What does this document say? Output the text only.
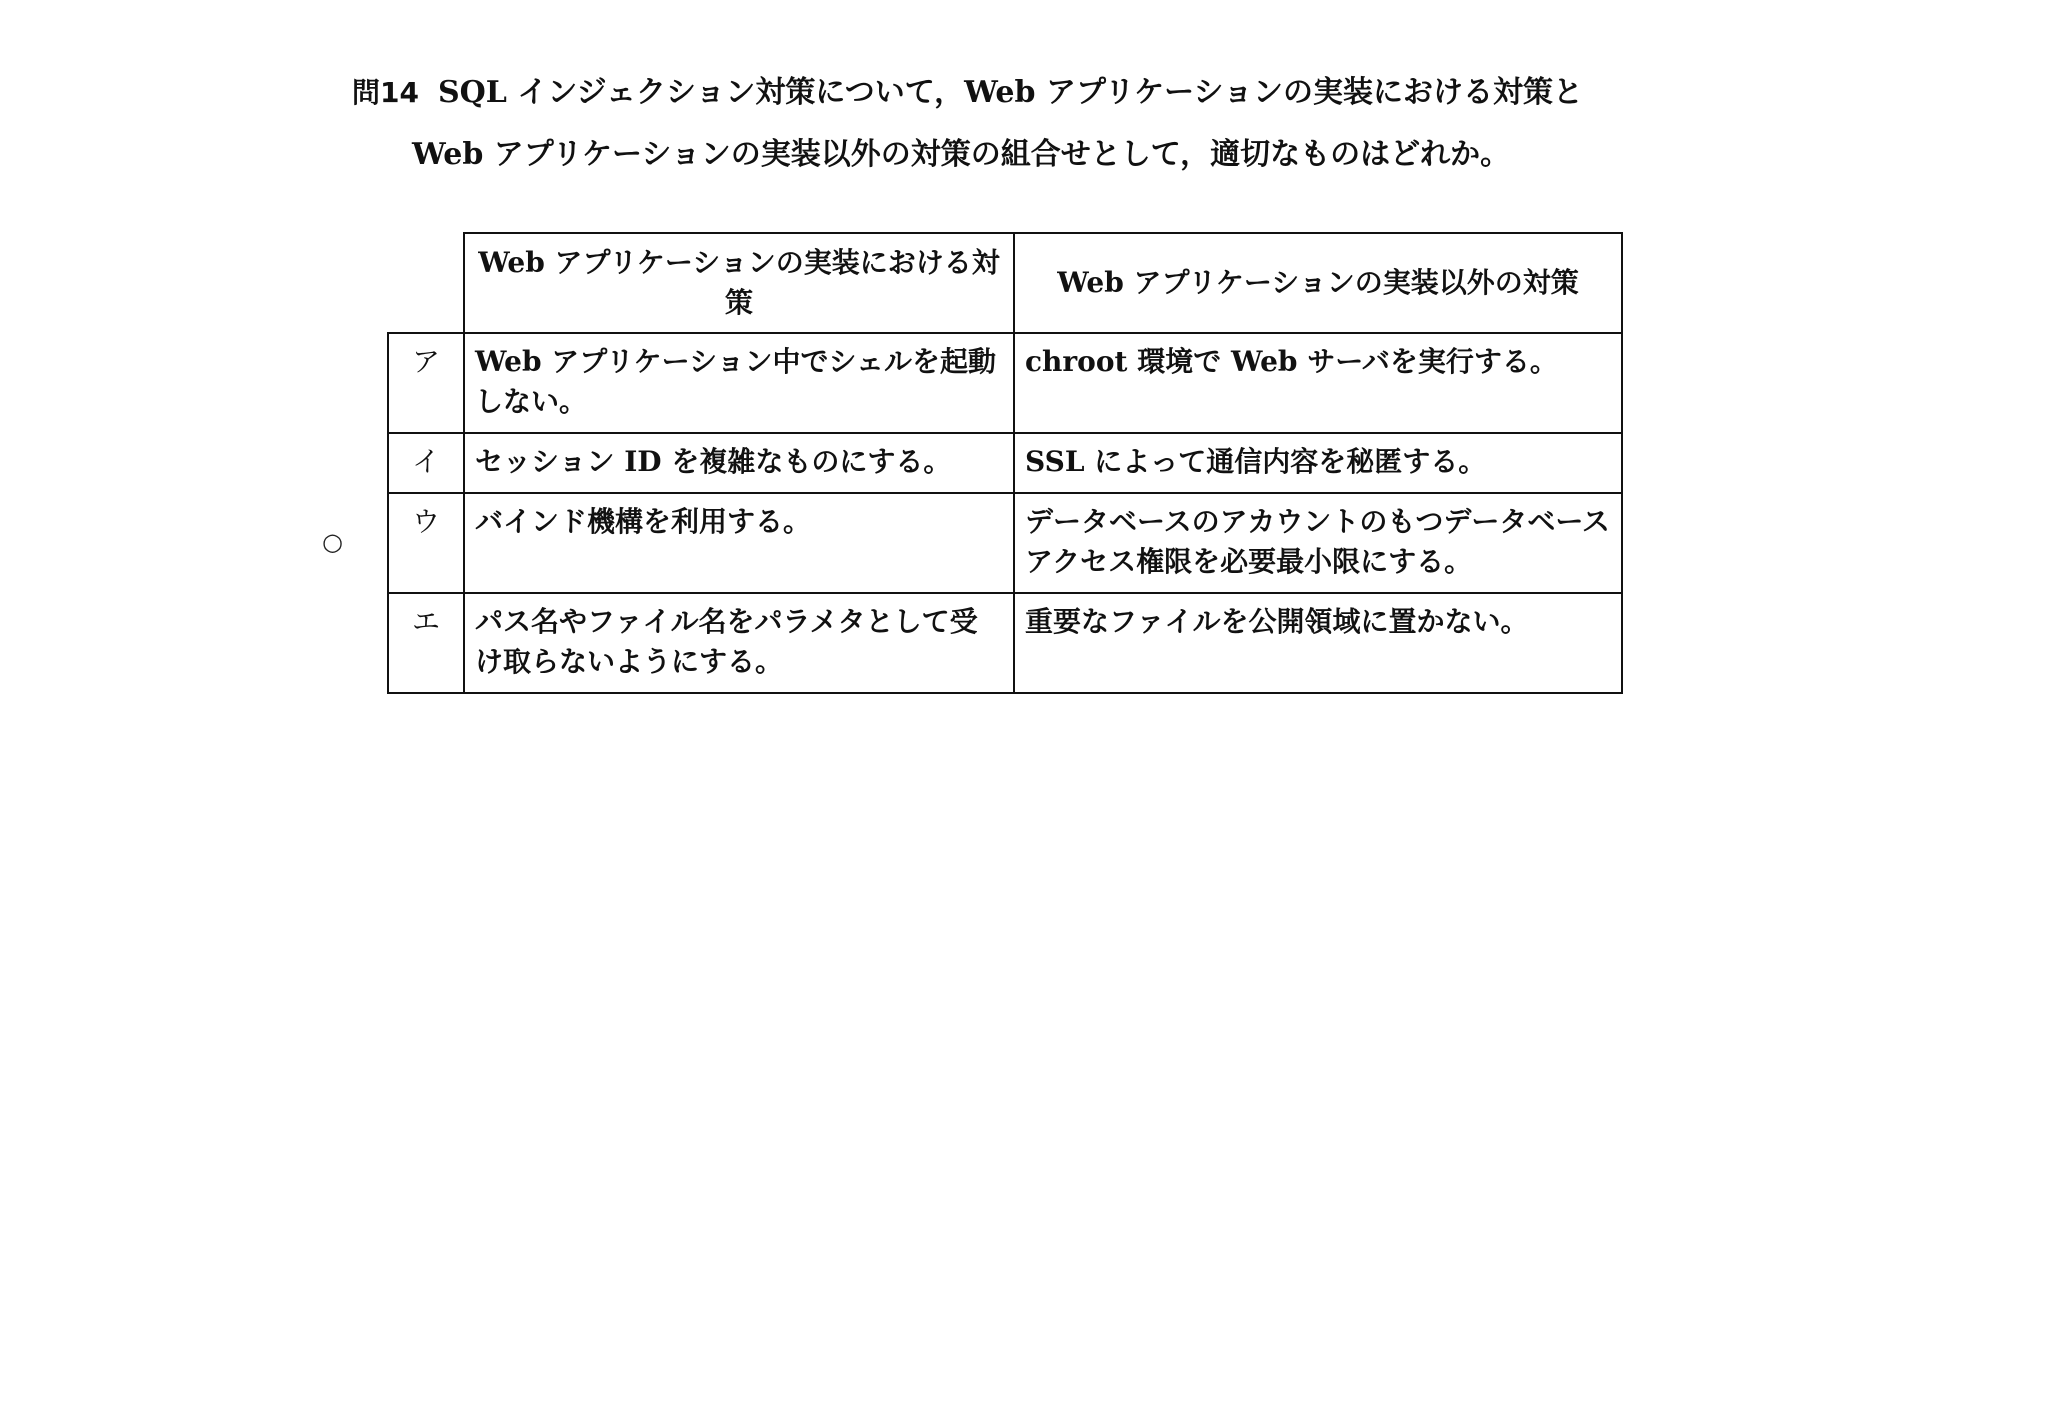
問14 SQL インジェクション対策について，Web アプリケーションの実装における対策と
Web アプリケーションの実装以外の対策の組合せとして，適切なものはどれか。
○
	Web アプリケーションの実装における対策	Web アプリケーションの実装以外の対策
ア	Web アプリケーション中でシェルを起動しない。	chroot 環境で Web サーバを実行する。
イ	セッション ID を複雑なものにする。	SSL によって通信内容を秘匿する。
ウ	バインド機構を利用する。	データベースのアカウントのもつデータベースアクセス権限を必要最小限にする。
エ	パス名やファイル名をパラメタとして受け取らないようにする。	重要なファイルを公開領域に置かない。
